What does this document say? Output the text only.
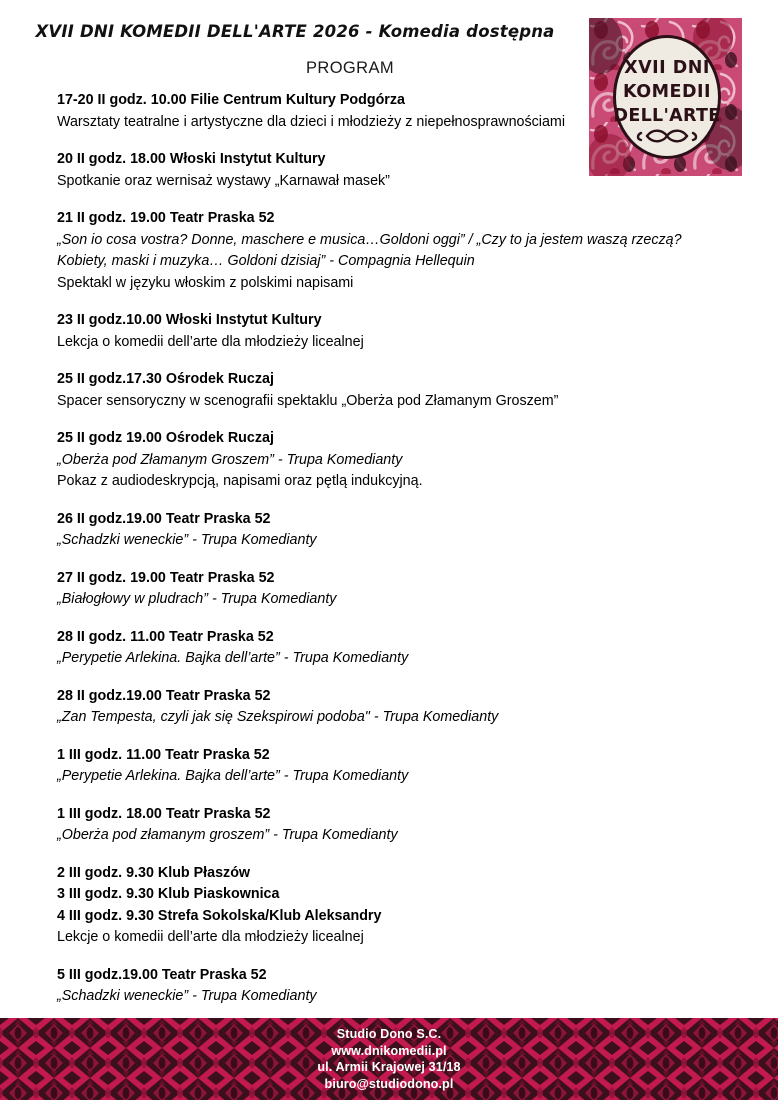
XVII DNI KOMEDII DELL'ARTE 2026 - Komedia dostępna
PROGRAM	XVII DNI
KOMEDII
DELL'ARTE
17-20 II godz. 10.00 Filie Centrum Kultury Podgórza
Warsztaty teatralne i artystyczne dla dzieci i młodzieży z niepełnosprawnościami
20 II godz. 18.00 Włoski Instytut Kultury
Spotkanie oraz wernisaż wystawy „Karnawał masek”
21 II godz. 19.00 Teatr Praska 52
„Son io cosa vostra? Donne, maschere e musica…Goldoni oggi” / „Czy to ja jestem waszą rzeczą?
Kobiety, maski i muzyka… Goldoni dzisiaj” - Compagnia Hellequin
Spektakl w języku włoskim z polskimi napisami
23 II godz.10.00 Włoski Instytut Kultury
Lekcja o komedii dell’arte dla młodzieży licealnej
25 II godz.17.30 Ośrodek Ruczaj
Spacer sensoryczny w scenografii spektaklu „Oberża pod Złamanym Groszem”
25 II godz 19.00 Ośrodek Ruczaj
„Oberża pod Złamanym Groszem” - Trupa Komedianty
Pokaz z audiodeskrypcją, napisami oraz pętlą indukcyjną.
26 II godz.19.00 Teatr Praska 52
„Schadzki weneckie” - Trupa Komedianty
27 II godz. 19.00 Teatr Praska 52
„Białogłowy w pludrach” - Trupa Komedianty
28 II godz. 11.00 Teatr Praska 52
„Perypetie Arlekina. Bajka dell’arte” - Trupa Komedianty
28 II godz.19.00 Teatr Praska 52
„Zan Tempesta, czyli jak się Szekspirowi podoba" - Trupa Komedianty
1 III godz. 11.00 Teatr Praska 52
„Perypetie Arlekina. Bajka dell’arte” - Trupa Komedianty
1 III godz. 18.00 Teatr Praska 52
„Oberża pod złamanym groszem” - Trupa Komedianty
2 III godz. 9.30 Klub Płaszów
3 III godz. 9.30 Klub Piaskownica
4 III godz. 9.30 Strefa Sokolska/Klub Aleksandry
Lekcje o komedii dell’arte dla młodzieży licealnej
5 III godz.19.00 Teatr Praska 52
„Schadzki weneckie” - Trupa Komedianty
Studio Dono S.C.
www.dnikomedii.pl
ul. Armii Krajowej 31/18
biuro@studiodono.pl
